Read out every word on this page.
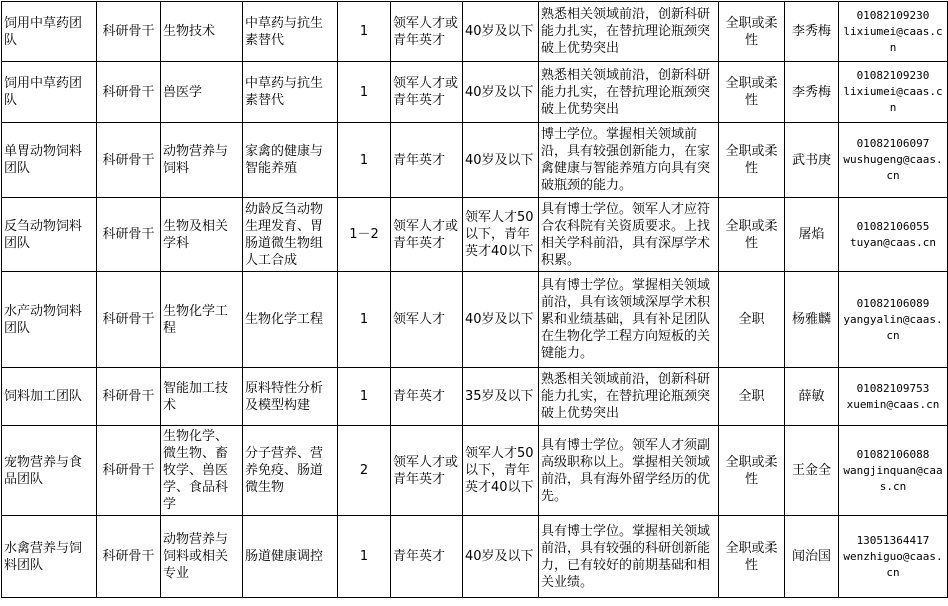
饲用中草药团队	科研骨干	生物技术	中草药与抗生素替代	1	领军人才或青年英才	40岁及以下	熟悉相关领域前沿，创新科研能力扎实，在替抗理论瓶颈突破上优势突出	全职或柔性	李秀梅	01082109230
lixiumei@caas.cn

饲用中草药团队	科研骨干	兽医学	中草药与抗生素替代	1	领军人才或青年英才	40岁及以下	熟悉相关领域前沿，创新科研能力扎实，在替抗理论瓶颈突破上优势突出	全职或柔性	李秀梅	01082109230
lixiumei@caas.cn

单胃动物饲料团队	科研骨干	动物营养与饲料	家禽的健康与智能养殖	1	青年英才	40岁及以下	博士学位。掌握相关领域前沿，具有较强创新能力，在家禽健康与智能养殖方向具有突破瓶颈的能力。	全职或柔性	武书庚	01082106097
wushugeng@caas.cn

反刍动物饲料团队	科研骨干	生物及相关学科	幼龄反刍动物生理发育、胃肠道微生物组人工合成	1－2	领军人才或青年英才	领军人才50以下，青年英才40以下	具有博士学位。领军人才应符合农科院有关资质要求。上找相关学科前沿，具有深厚学术积累。	全职或柔性	屠焰	01082106055
tuyan@caas.cn

水产动物饲料团队	科研骨干	生物化学工程	生物化学工程	1	领军人才	40岁及以下	具有博士学位。掌握相关领域前沿，具有该领域深厚学术积累和业绩基础，具有补足团队在生物化学工程方向短板的关键能力。	全职	杨雅麟	01082106089
yangyalin@caas.cn

饲料加工团队	科研骨干	智能加工技术	原料特性分析及模型构建	1	青年英才	35岁及以下	熟悉相关领域前沿，创新科研能力扎实，在替抗理论瓶颈突破上优势突出	全职	薛敏	01082109753
xuemin@caas.cn

宠物营养与食品团队	科研骨干	生物化学、微生物、畜牧学、兽医学、食品科学	分子营养、营养免疫、肠道微生物	2	领军人才或青年英才	领军人才50以下，青年英才40以下	具有博士学位。领军人才须副高级职称以上。掌握相关领域前沿，具有海外留学经历的优先。	全职或柔性	王金全	01082106088
wangjinquan@caas.cn

水禽营养与饲料团队	科研骨干	动物营养与饲料或相关专业	肠道健康调控	1	青年英才	40岁及以下	具有博士学位。掌握相关领域前沿，具有较强的科研创新能力，已有较好的前期基础和相关业绩。	全职或柔性	闻治国	13051364417
wenzhiguo@caas.cn
